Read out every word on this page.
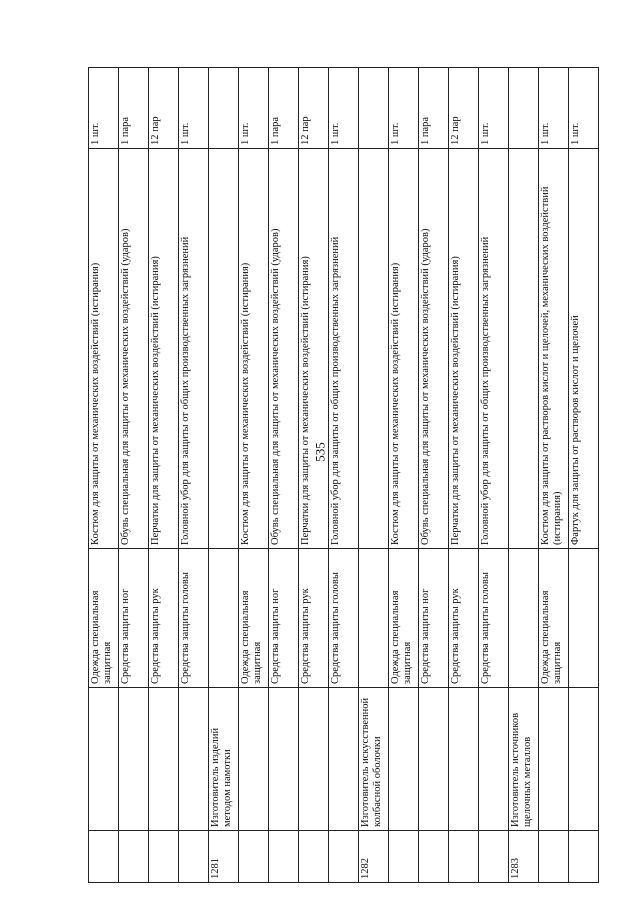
535
		Одежда специальная защитная	Костюм для защиты от механических воздействий (истирания)	1 шт.
		Средства защиты ног	Обувь специальная для защиты от механических воздействий (ударов)	1 пара
		Средства защиты рук	Перчатки для защиты от механических воздействий (истирания)	12 пар
		Средства защиты головы	Головной убор для защиты от общих производственных загрязнений	1 шт.
1281	Изготовитель изделий методом намотки			
		Одежда специальная защитная	Костюм для защиты от механических воздействий (истирания)	1 шт.
		Средства защиты ног	Обувь специальная для защиты от механических воздействий (ударов)	1 пара
		Средства защиты рук	Перчатки для защиты от механических воздействий (истирания)	12 пар
		Средства защиты головы	Головной убор для защиты от общих производственных загрязнений	1 шт.
1282	Изготовитель искусственной колбасной оболочки			
		Одежда специальная защитная	Костюм для защиты от механических воздействий (истирания)	1 шт.
		Средства защиты ног	Обувь специальная для защиты от механических воздействий (ударов)	1 пара
		Средства защиты рук	Перчатки для защиты от механических воздействий (истирания)	12 пар
		Средства защиты головы	Головной убор для защиты от общих производственных загрязнений	1 шт.
1283	Изготовитель источников щелочных металлов			
		Одежда специальная защитная	Костюм для защиты от растворов кислот и щелочей, механических воздействий (истирания)	1 шт.
			Фартук для защиты от растворов кислот и щелочей	1 шт.
